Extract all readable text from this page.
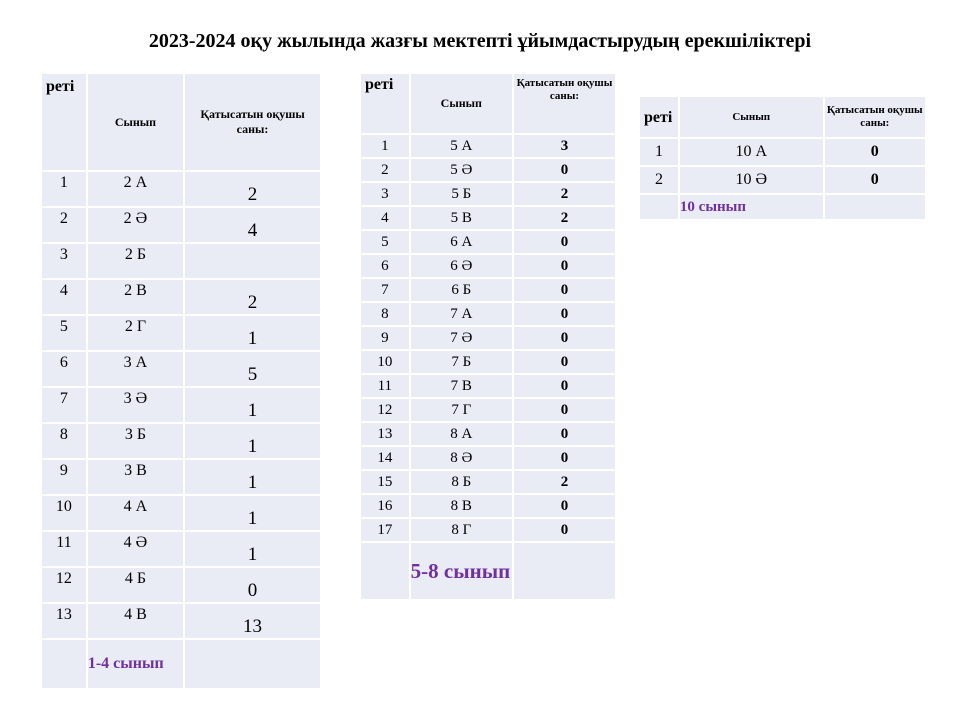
2023-2024 оқу жылында жазғы мектепті ұйымдастырудың ерекшіліктері
реті	Сынып	Қатысатын оқушы саны:
1	2 А	2
2	2 Ә	4
3	2 Б	
4	2 В	2
5	2 Г	1
6	3 А	5
7	3 Ә	1
8	3 Б	1
9	3 В	1
10	4 А	1
11	4 Ә	1
12	4 Б	0
13	4 В	13
	1-4 сынып	
реті	Сынып	Қатысатын оқушы саны:
1	5 А	3
2	5 Ә	0
3	5 Б	2
4	5 В	2
5	6 А	0
6	6 Ә	0
7	6 Б	0
8	7 А	0
9	7 Ә	0
10	7 Б	0
11	7 В	0
12	7 Г	0
13	8 А	0
14	8 Ә	0
15	8 Б	2
16	8 В	0
17	8 Г	0
	5-8 сынып	
реті	Сынып	Қатысатын оқушы саны:
1	10 А	0
2	10 Ә	0
	10 сынып	
